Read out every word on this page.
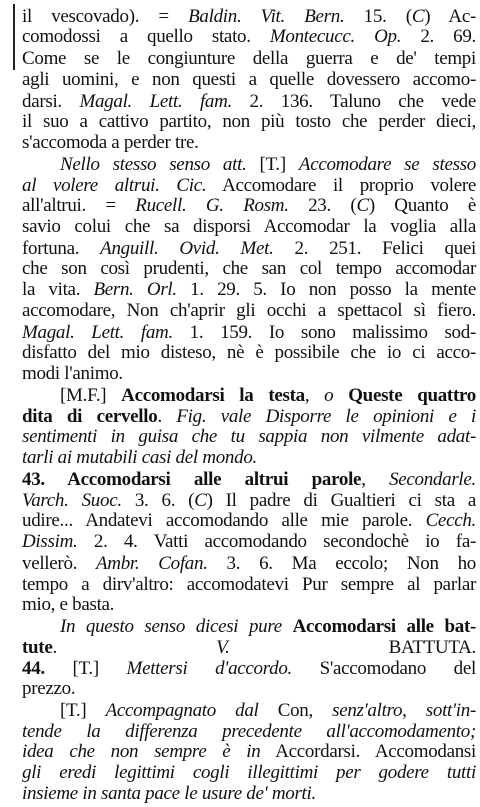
il vescovado). = Baldin. Vit. Bern. 15. (C) Ac-
comodossi a quello stato. Montecucc. Op. 2. 69.
Come se le congiunture della guerra e de' tempi
agli uomini, e non questi a quelle dovessero accomo-
darsi. Magal. Lett. fam. 2. 136. Taluno che vede
il suo a cattivo partito, non più tosto che perder dieci,
s'accomoda a perder tre.
Nello stesso senso att. [T.] Accomodare se stesso
al volere altrui. Cic. Accomodare il proprio volere
all'altrui. = Rucell. G. Rosm. 23. (C) Quanto è
savio colui che sa disporsi Accomodar la voglia alla
fortuna. Anguill. Ovid. Met. 2. 251. Felici quei
che son così prudenti, che san col tempo accomodar
la vita. Bern. Orl. 1. 29. 5. Io non posso la mente
accomodare, Non ch'aprir gli occhi a spettacol sì fiero.
Magal. Lett. fam. 1. 159. Io sono malissimo sod-
disfatto del mio disteso, nè è possibile che io ci acco-
modi l'animo.
[M.F.] Accomodarsi la testa, o Queste quattro
dita di cervello. Fig. vale Disporre le opinioni e i
sentimenti in guisa che tu sappia non vilmente adat-
tarli ai mutabili casi del mondo.
43. Accomodarsi alle altrui parole, Secondarle.
Varch. Suoc. 3. 6. (C) Il padre di Gualtieri ci sta a
udire... Andatevi accomodando alle mie parole. Cecch.
Dissim. 2. 4. Vatti accomodando secondochè io fa-
vellerò. Ambr. Cofan. 3. 6. Ma eccolo; Non ho
tempo a dirv'altro: accomodatevi Pur sempre al parlar
mio, e basta.
In questo senso dicesi pure Accomodarsi alle bat-
tute. V. BATTUTA.
44. [T.] Mettersi d'accordo. S'accomodano del
prezzo.
[T.] Accompagnato dal Con, senz'altro, sott'in-
tende la differenza precedente all'accomodamento;
idea che non sempre è in Accordarsi. Accomodansi
gli eredi legittimi cogli illegittimi per godere tutti
insieme in santa pace le usure de' morti.
